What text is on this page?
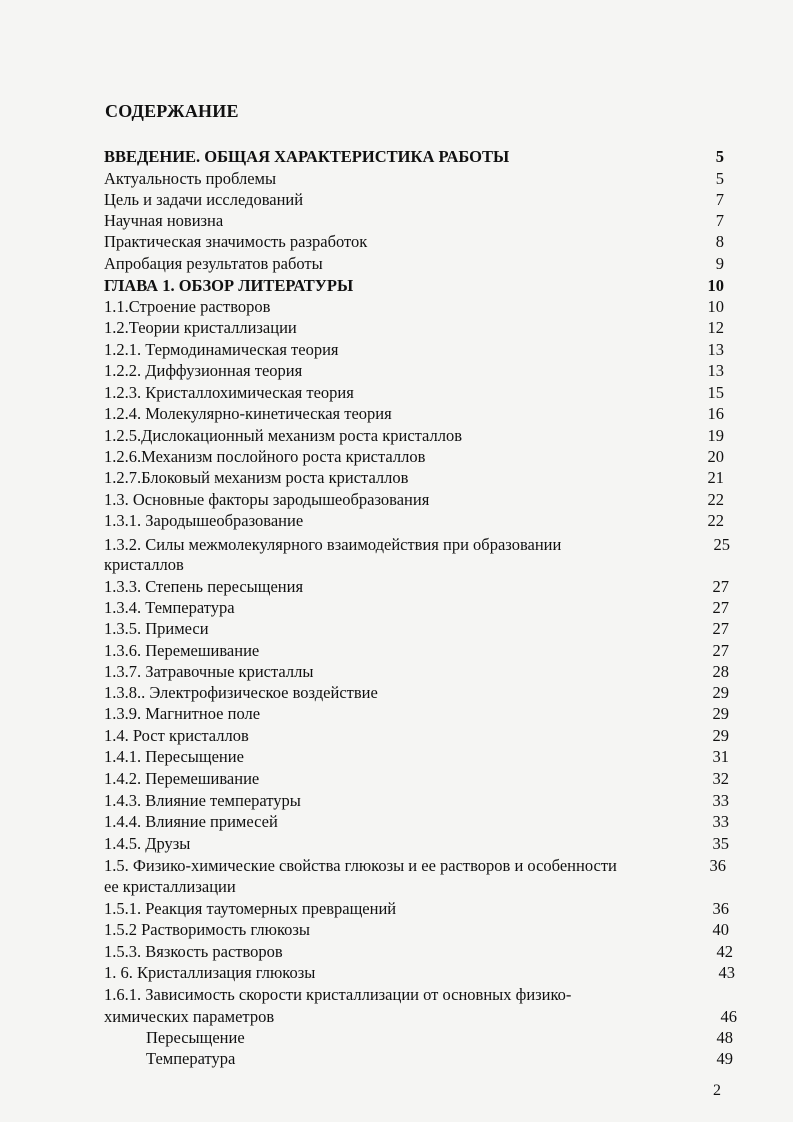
СОДЕРЖАНИЕ
ВВЕДЕНИЕ. ОБЩАЯ ХАРАКТЕРИСТИКА РАБОТЫ	5
Актуальность проблемы	5
Цель и задачи исследований	7
Научная новизна	7
Практическая значимость разработок	8
Апробация результатов работы	9
ГЛАВА 1. ОБЗОР ЛИТЕРАТУРЫ	10
1.1.Строение растворов	10
1.2.Теории кристаллизации	12
1.2.1. Термодинамическая теория	13
1.2.2. Диффузионная теория	13
1.2.3. Кристаллохимическая теория	15
1.2.4. Молекулярно-кинетическая теория	16
1.2.5.Дислокационный механизм роста кристаллов	19
1.2.6.Механизм послойного роста кристаллов	20
1.2.7.Блоковый механизм роста кристаллов	21
1.3. Основные факторы зародышеобразования	22
1.3.1. Зародышеобразование	22
1.3.2. Силы межмолекулярного взаимодействия при образовании	25
кристаллов
1.3.3. Степень пересыщения	27
1.3.4. Температура	27
1.3.5. Примеси	27
1.3.6. Перемешивание	27
1.3.7. Затравочные кристаллы	28
1.3.8.. Электрофизическое воздействие	29
1.3.9. Магнитное поле	29
1.4. Рост кристаллов	29
1.4.1. Пересыщение	31
1.4.2. Перемешивание	32
1.4.3. Влияние температуры	33
1.4.4. Влияние примесей	33
1.4.5. Друзы	35
1.5. Физико-химические свойства глюкозы и ее растворов и особенности	36
ее кристаллизации
1.5.1. Реакция таутомерных превращений	36
1.5.2 Растворимость глюкозы	40
1.5.3. Вязкость растворов	42
1. 6. Кристаллизация глюкозы	43
1.6.1. Зависимость скорости кристаллизации от основных физико-
химических параметров	46
Пересыщение	48
Температура	49
2
